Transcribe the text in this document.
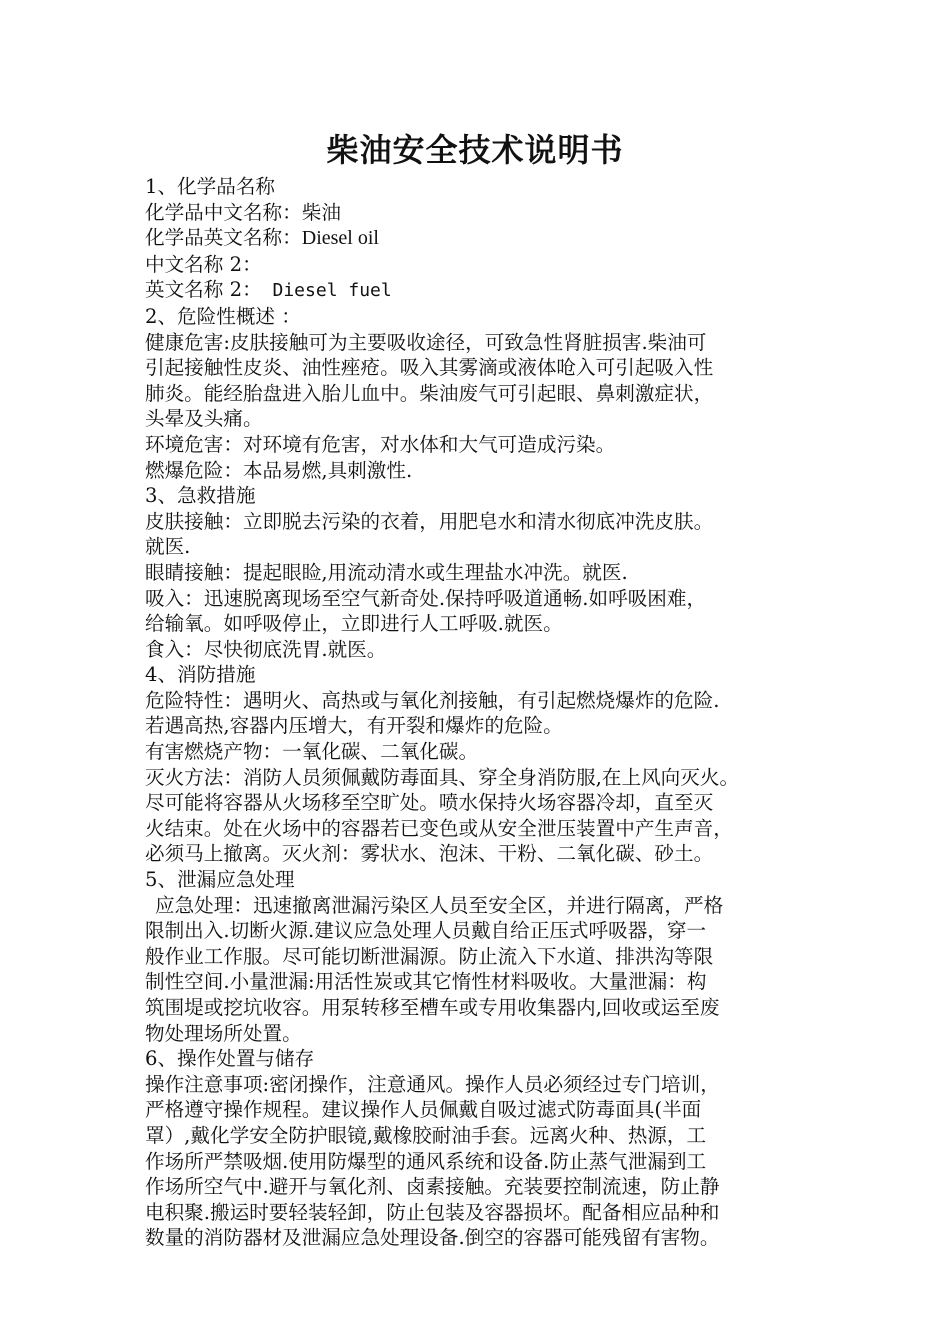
柴油安全技术说明书

1、化学品名称

化学品中文名称：柴油

化学品英文名称：Diesel oil

中文名称 2：

英文名称 2： Diesel fuel

2、危险性概述 ：

健康危害:皮肤接触可为主要吸收途径，可致急性肾脏损害.柴油可

引起接触性皮炎、油性痤疮。吸入其雾滴或液体呛入可引起吸入性

肺炎。能经胎盘进入胎儿血中。柴油废气可引起眼、鼻刺激症状，

头晕及头痛。

环境危害：对环境有危害，对水体和大气可造成污染。

燃爆危险：本品易燃,具刺激性.

3、急救措施

皮肤接触：立即脱去污染的衣着，用肥皂水和清水彻底冲洗皮肤。

就医.

眼睛接触：提起眼睑,用流动清水或生理盐水冲洗。就医.

吸入：迅速脱离现场至空气新奇处.保持呼吸道通畅.如呼吸困难，

给输氧。如呼吸停止，立即进行人工呼吸.就医。

食入：尽快彻底洗胃.就医。

4、消防措施

危险特性：遇明火、高热或与氧化剂接触，有引起燃烧爆炸的危险.

若遇高热,容器内压增大，有开裂和爆炸的危险。

有害燃烧产物：一氧化碳、二氧化碳。

灭火方法：消防人员须佩戴防毒面具、穿全身消防服,在上风向灭火。

尽可能将容器从火场移至空旷处。喷水保持火场容器冷却，直至灭

火结束。处在火场中的容器若已变色或从安全泄压装置中产生声音，

必须马上撤离。灭火剂：雾状水、泡沫、干粉、二氧化碳、砂土。

5、泄漏应急处理

应急处理：迅速撤离泄漏污染区人员至安全区，并进行隔离，严格

限制出入.切断火源.建议应急处理人员戴自给正压式呼吸器，穿一

般作业工作服。尽可能切断泄漏源。防止流入下水道、排洪沟等限

制性空间.小量泄漏:用活性炭或其它惰性材料吸收。大量泄漏：构

筑围堤或挖坑收容。用泵转移至槽车或专用收集器内,回收或运至废

物处理场所处置。

6、操作处置与储存

操作注意事项:密闭操作，注意通风。操作人员必须经过专门培训，

严格遵守操作规程。建议操作人员佩戴自吸过滤式防毒面具(半面

罩）,戴化学安全防护眼镜,戴橡胶耐油手套。远离火种、热源，工

作场所严禁吸烟.使用防爆型的通风系统和设备.防止蒸气泄漏到工

作场所空气中.避开与氧化剂、卤素接触。充装要控制流速，防止静

电积聚.搬运时要轻装轻卸，防止包装及容器损坏。配备相应品种和

数量的消防器材及泄漏应急处理设备.倒空的容器可能残留有害物。
